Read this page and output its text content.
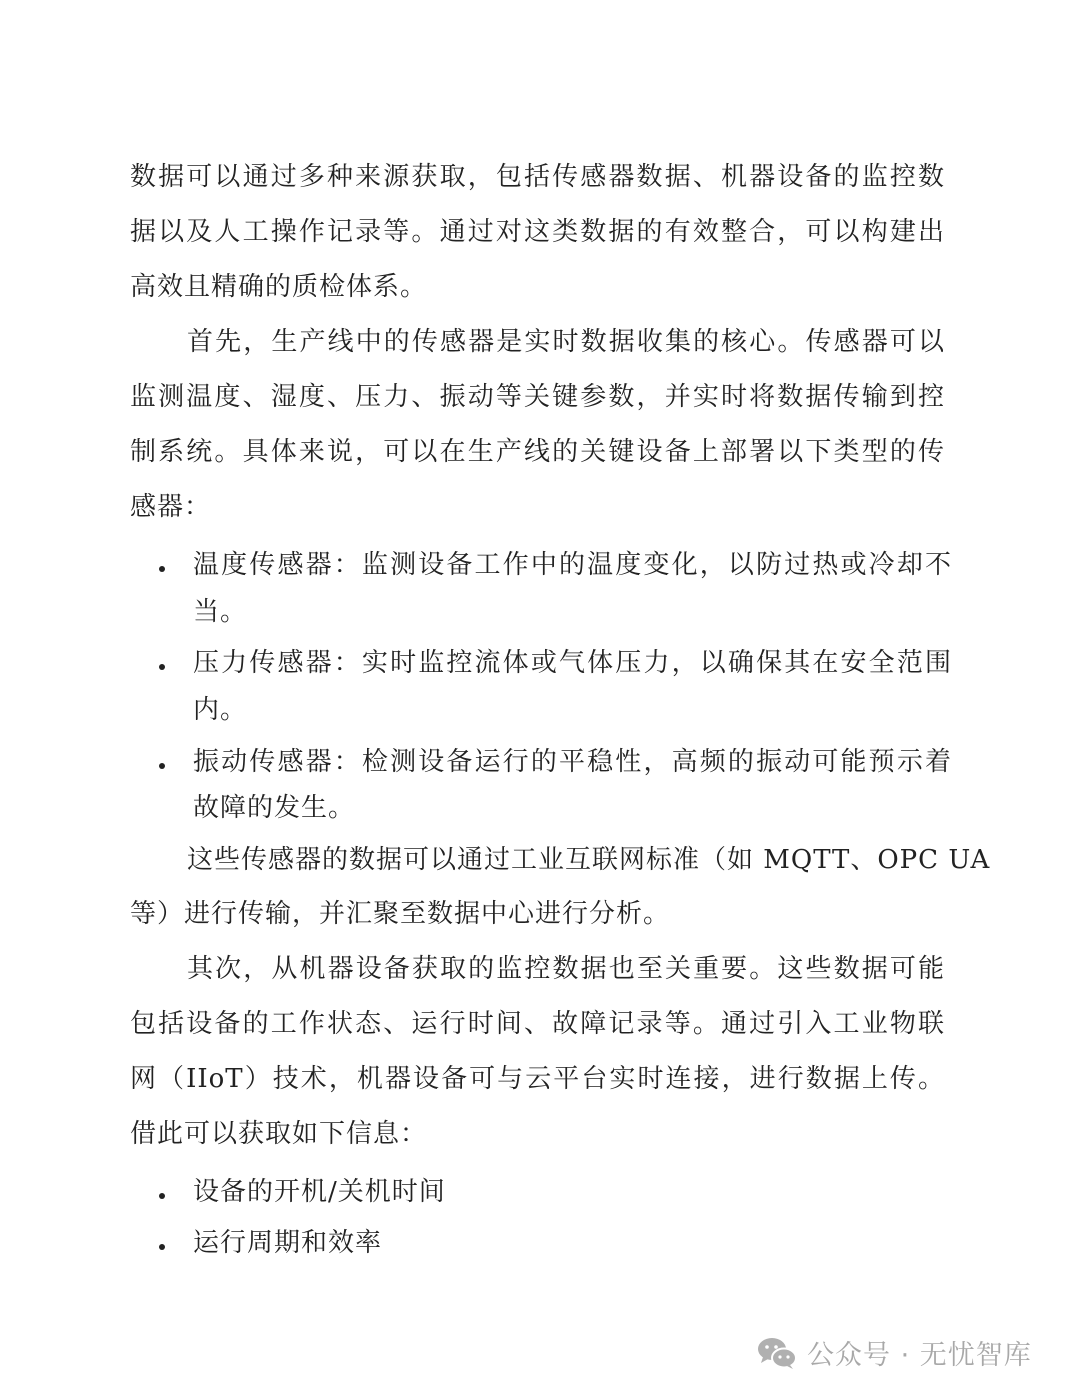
数据可以通过多种来源获取，包括传感器数据、机器设备的监控数
据以及人工操作记录等。通过对这类数据的有效整合，可以构建出
高效且精确的质检体系。
首先，生产线中的传感器是实时数据收集的核心。传感器可以
监测温度、湿度、压力、振动等关键参数，并实时将数据传输到控
制系统。具体来说，可以在生产线的关键设备上部署以下类型的传
感器：
温度传感器：监测设备工作中的温度变化，以防过热或冷却不
当。
压力传感器：实时监控流体或气体压力，以确保其在安全范围
内。
振动传感器：检测设备运行的平稳性，高频的振动可能预示着
故障的发生。
这些传感器的数据可以通过工业互联网标准（如 MQTT、OPC UA
等）进行传输，并汇聚至数据中心进行分析。
其次，从机器设备获取的监控数据也至关重要。这些数据可能
包括设备的工作状态、运行时间、故障记录等。通过引入工业物联
网（IIoT）技术，机器设备可与云平台实时连接，进行数据上传。
借此可以获取如下信息：
设备的开机/关机时间
运行周期和效率
公众号 · 无忧智库
